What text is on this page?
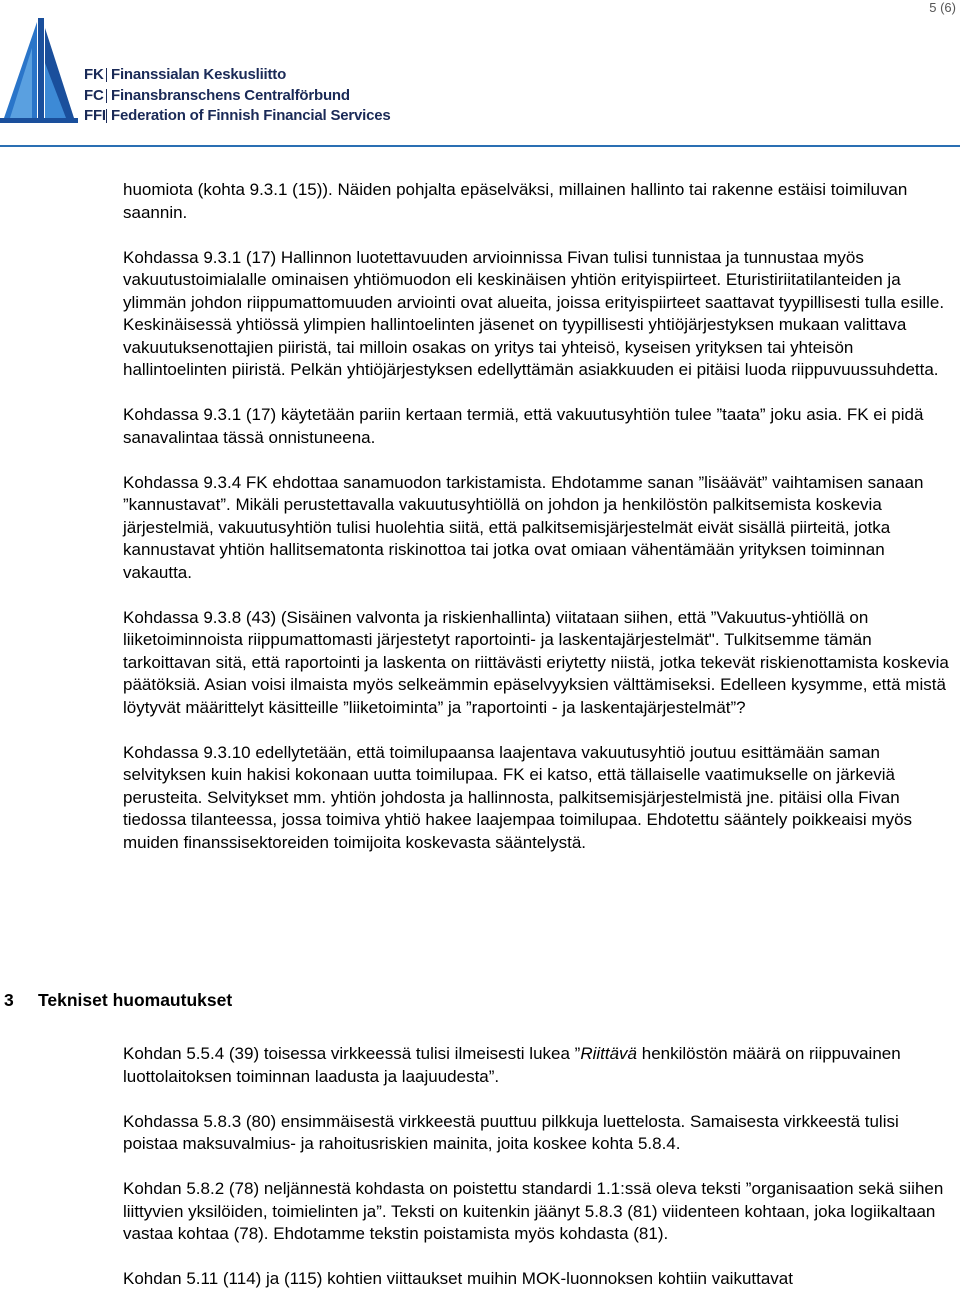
5 (6)
FK Finanssialan Keskusliitto
FC Finansbranschens Centralförbund
FFI Federation of Finnish Financial Services

huomiota (kohta 9.3.1 (15)). Näiden pohjalta epäselväksi, millainen hallinto tai rakenne estäisi toimiluvan saannin.

Kohdassa 9.3.1 (17) Hallinnon luotettavuuden arvioinnissa Fivan tulisi tunnistaa ja tunnustaa myös vakuutustoimialalle ominaisen yhtiömuodon eli keskinäisen yhtiön erityispiirteet. Eturistiriitatilanteiden ja ylimmän johdon riippumattomuuden arviointi ovat alueita, joissa erityispiirteet saattavat tyypillisesti tulla esille. Keskinäisessä yhtiössä ylimpien hallintoelinten jäsenet on tyypillisesti yhtiöjärjestyksen mukaan valittava vakuutuksenottajien piiristä, tai milloin osakas on yritys tai yhteisö, kyseisen yrityksen tai yhteisön hallintoelinten piiristä. Pelkän yhtiöjärjestyksen edellyttämän asiakkuuden ei pitäisi luoda riippuvuussuhdetta.

Kohdassa 9.3.1 (17) käytetään pariin kertaan termiä, että vakuutusyhtiön tulee ”taata” joku asia. FK ei pidä sanavalintaa tässä onnistuneena.

Kohdassa 9.3.4 FK ehdottaa sanamuodon tarkistamista. Ehdotamme sanan ”lisäävät” vaihtamisen sanaan ”kannustavat”. Mikäli perustettavalla vakuutusyhtiöllä on johdon ja henkilöstön palkitsemista koskevia järjestelmiä, vakuutusyhtiön tulisi huolehtia siitä, että palkitsemisjärjestelmät eivät sisällä piirteitä, jotka kannustavat yhtiön hallitsematonta riskinottoa tai jotka ovat omiaan vähentämään yrityksen toiminnan vakautta.

Kohdassa 9.3.8 (43) (Sisäinen valvonta ja riskienhallinta) viitataan siihen, että ”Vakuutus-yhtiöllä on liiketoiminnoista riippumattomasti järjestetyt raportointi- ja laskentajärjestelmät". Tulkitsemme tämän tarkoittavan sitä, että raportointi ja laskenta on riittävästi eriytetty niistä, jotka tekevät riskienottamista koskevia päätöksiä. Asian voisi ilmaista myös selkeämmin epäselvyyksien välttämiseksi. Edelleen kysymme, että mistä löytyvät määrittelyt käsitteille ”liiketoiminta” ja ”raportointi - ja laskentajärjestelmät”?

Kohdassa 9.3.10 edellytetään, että toimilupaansa laajentava vakuutusyhtiö joutuu esittämään saman selvityksen kuin hakisi kokonaan uutta toimilupaa. FK ei katso, että tällaiselle vaatimukselle on järkeviä perusteita. Selvitykset mm. yhtiön johdosta ja hallinnosta, palkitsemisjärjestelmistä jne. pitäisi olla Fivan tiedossa tilanteessa, jossa toimiva yhtiö hakee laajempaa toimilupaa. Ehdotettu sääntely poikkeaisi myös muiden finanssisektoreiden toimijoita koskevasta sääntelystä.

3 Tekniset huomautukset

Kohdan 5.5.4 (39) toisessa virkkeessä tulisi ilmeisesti lukea ”Riittävä henkilöstön määrä on riippuvainen luottolaitoksen toiminnan laadusta ja laajuudesta”.

Kohdassa 5.8.3 (80) ensimmäisestä virkkeestä puuttuu pilkkuja luettelosta. Samaisesta virkkeestä tulisi poistaa maksuvalmius- ja rahoitusriskien mainita, joita koskee kohta 5.8.4.

Kohdan 5.8.2 (78) neljännestä kohdasta on poistettu standardi 1.1:ssä oleva teksti ”organisaation sekä siihen liittyvien yksilöiden, toimielinten ja”. Teksti on kuitenkin jäänyt 5.8.3 (81) viidenteen kohtaan, joka logiikaltaan vastaa kohtaa (78). Ehdotamme tekstin poistamista myös kohdasta (81).

Kohdan 5.11 (114) ja (115) kohtien viittaukset muihin MOK-luonnoksen kohtiin vaikuttavat
